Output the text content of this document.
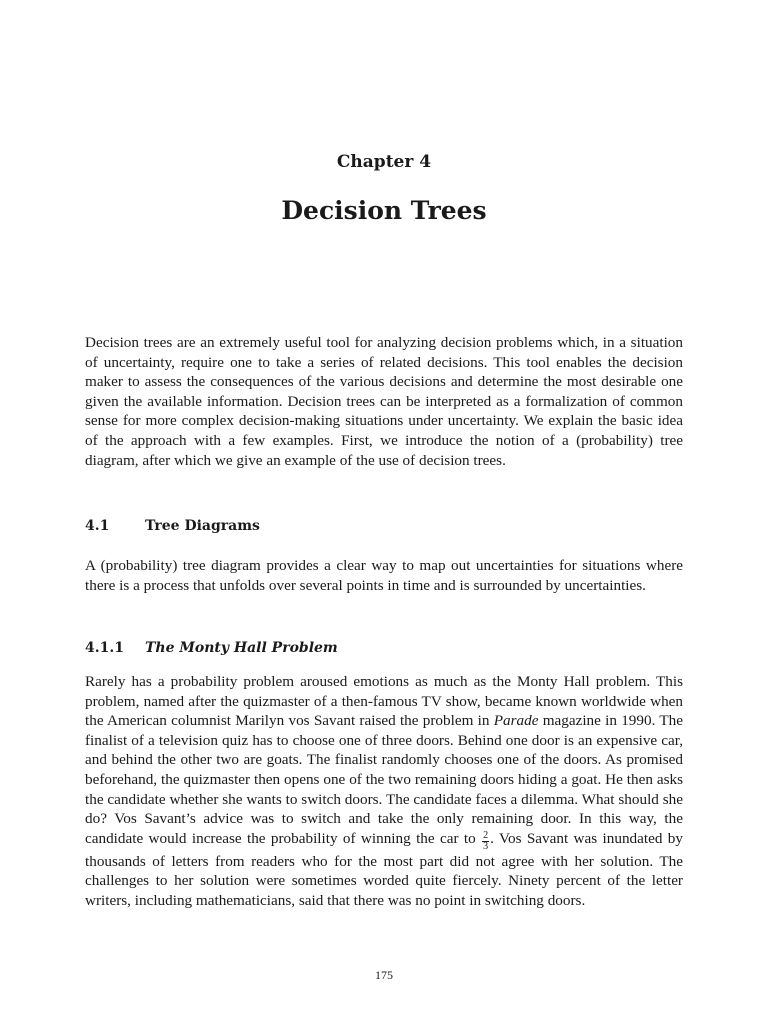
Chapter 4
Decision Trees

Decision trees are an extremely useful tool for analyzing decision problems which, in a situation of uncertainty, require one to take a series of related decisions. This tool enables the decision maker to assess the consequences of the various decisions and determine the most desirable one given the available information. Decision trees can be interpreted as a formalization of common sense for more complex decision-making situations under uncertainty. We explain the basic idea of the approach with a few examples. First, we introduce the notion of a (probability) tree diagram, after which we give an example of the use of decision trees.

4.1	Tree Diagrams

A (probability) tree diagram provides a clear way to map out uncertainties for situations where there is a process that unfolds over several points in time and is surrounded by uncertainties.

4.1.1 The Monty Hall Problem

Rarely has a probability problem aroused emotions as much as the Monty Hall problem. This problem, named after the quizmaster of a then-famous TV show, became known worldwide when the American columnist Marilyn vos Savant raised the problem in Parade magazine in 1990. The finalist of a television quiz has to choose one of three doors. Behind one door is an expensive car, and behind the other two are goats. The finalist randomly chooses one of the doors. As promised beforehand, the quizmaster then opens one of the two remaining doors hiding a goat. He then asks the candidate whether she wants to switch doors. The candidate faces a dilemma. What should she do? Vos Savant’s advice was to switch and take the only remaining door. In this way, the candidate would increase the probability of winning the car to $\frac{2}{3}$ . Vos Savant was inundated by thousands of letters from readers who for the most part did not agree with her solution. The challenges to her solution were sometimes worded quite fiercely. Ninety percent of the letter writers, including mathematicians, said that there was no point in switching doors.

175
